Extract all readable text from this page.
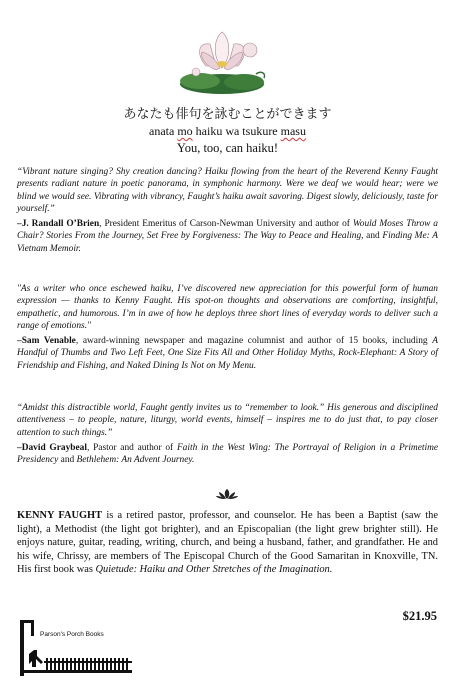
あなたも俳句を詠むことができます
anata mo haiku wa tsukure masu
You, too, can haiku!
“Vibrant nature singing? Shy creation dancing? Haiku flowing from the heart of the Reverend Kenny Faught presents radiant nature in poetic panorama, in symphonic harmony. Were we deaf we would hear; were we blind we would see. Vibrating with vibrancy, Faught’s haiku await savoring. Digest slowly, deliciously, taste for yourself.”
–J. Randall O’Brien, President Emeritus of Carson-Newman University and author of Would Moses Throw a Chair? Stories From the Journey, Set Free by Forgiveness: The Way to Peace and Healing, and Finding Me: A Vietnam Memoir.
"As a writer who once eschewed haiku, I’ve discovered new appreciation for this powerful form of human expression — thanks to Kenny Faught. His spot-on thoughts and observations are comforting, insightful, empathetic, and humorous. I’m in awe of how he deploys three short lines of everyday words to deliver such a range of emotions."
–Sam Venable, award-winning newspaper and magazine columnist and author of 15 books, including A Handful of Thumbs and Two Left Feet, One Size Fits All and Other Holiday Myths, Rock-Elephant: A Story of Friendship and Fishing, and Naked Dining Is Not on My Menu.
“Amidst this distractible world, Faught gently invites us to “remember to look.” His generous and disciplined attentiveness – to people, nature, liturgy, world events, himself – inspires me to do just that, to pay closer attention to such things.”
–David Graybeal, Pastor and author of Faith in the West Wing: The Portrayal of Religion in a Primetime Presidency and Bethlehem: An Advent Journey.
KENNY FAUGHT is a retired pastor, professor, and counselor. He has been a Baptist (saw the light), a Methodist (the light got brighter), and an Episcopalian (the light grew brighter still). He enjoys nature, guitar, reading, writing, church, and being a husband, father, and grandfather. He and his wife, Chrissy, are members of The Episcopal Church of the Good Samaritan in Knoxville, TN. His first book was Quietude: Haiku and Other Stretches of the Imagination.
$21.95
Parson's Porch Books
